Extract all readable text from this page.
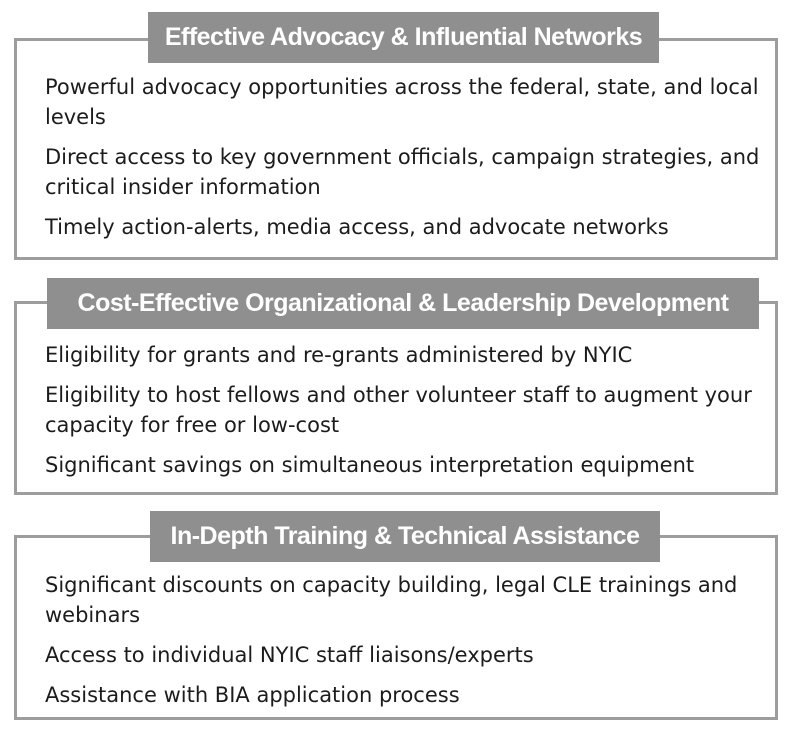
Effective Advocacy & Influential Networks
Powerful advocacy opportunities across the federal, state, and local levels
Direct access to key government officials, campaign strategies, and critical insider information
Timely action-alerts, media access, and advocate networks
Cost-Effective Organizational & Leadership Development
Eligibility for grants and re-grants administered by NYIC
Eligibility to host fellows and other volunteer staff to augment your capacity for free or low-cost
Significant savings on simultaneous interpretation equipment
In-Depth Training & Technical Assistance
Significant discounts on capacity building, legal CLE trainings and webinars
Access to individual NYIC staff liaisons/experts
Assistance with BIA application process
